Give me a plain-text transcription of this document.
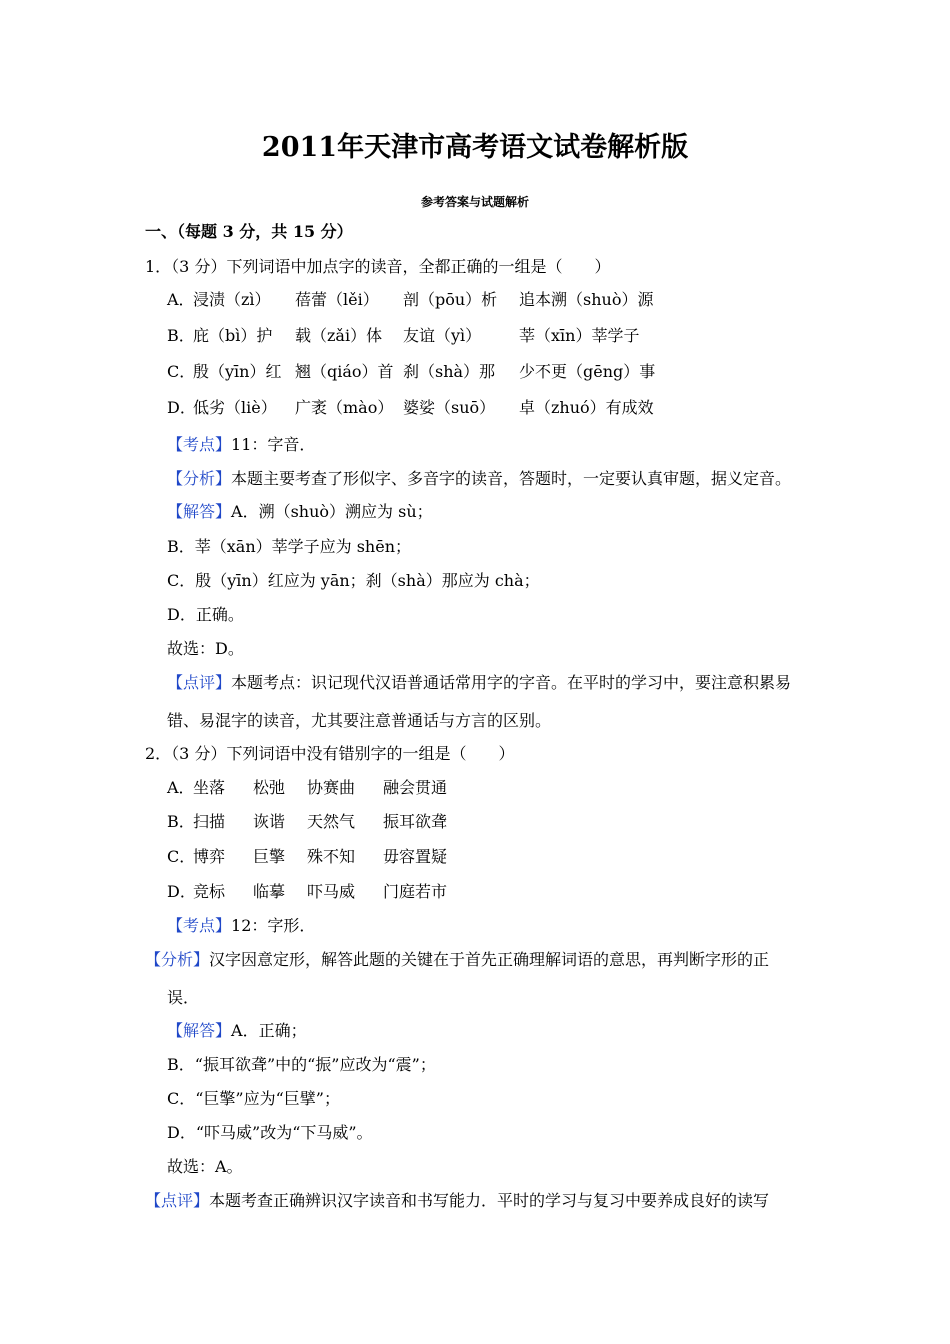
2011年天津市高考语文试卷解析版
参考答案与试题解析
一、（每题 3 分，共 15 分）
1．（3 分）下列词语中加点字的读音，全都正确的一组是（　　）
A．浸渍（zì） 蓓蕾（lěi） 剖（pōu）析 追本溯（shuò）源
B．庇（bì）护 载（zǎi）体 友谊（yì） 莘（xīn）莘学子
C．殷（yīn）红 翘（qiáo）首 刹（shà）那 少不更（gēng）事
D．低劣（liè） 广袤（mào） 婆娑（suō） 卓（zhuó）有成效
【考点】11：字音．
【分析】本题主要考查了形似字、多音字的读音，答题时，一定要认真审题，据义定音。
【解答】A．溯（shuò）溯应为 sù；
B．莘（xān）莘学子应为 shēn；
C．殷（yīn）红应为 yān；刹（shà）那应为 chà；
D．正确。
故选：D。
【点评】本题考点：识记现代汉语普通话常用字的字音。在平时的学习中，要注意积累易
错、易混字的读音，尤其要注意普通话与方言的区别。
2．（3 分）下列词语中没有错别字的一组是（　　）
A．坐落 松弛 协赛曲 融会贯通
B．扫描 诙谐 天然气 振耳欲聋
C．博弈 巨擎 殊不知 毋容置疑
D．竞标 临摹 吓马威 门庭若市
【考点】12：字形．
【分析】汉字因意定形，解答此题的关键在于首先正确理解词语的意思，再判断字形的正
误．
【解答】A．正确；
B．“振耳欲聋”中的“振”应改为“震”；
C．“巨擎”应为“巨擘”；
D．“吓马威”改为“下马威”。
故选：A。
【点评】本题考查正确辨识汉字读音和书写能力．平时的学习与复习中要养成良好的读写
